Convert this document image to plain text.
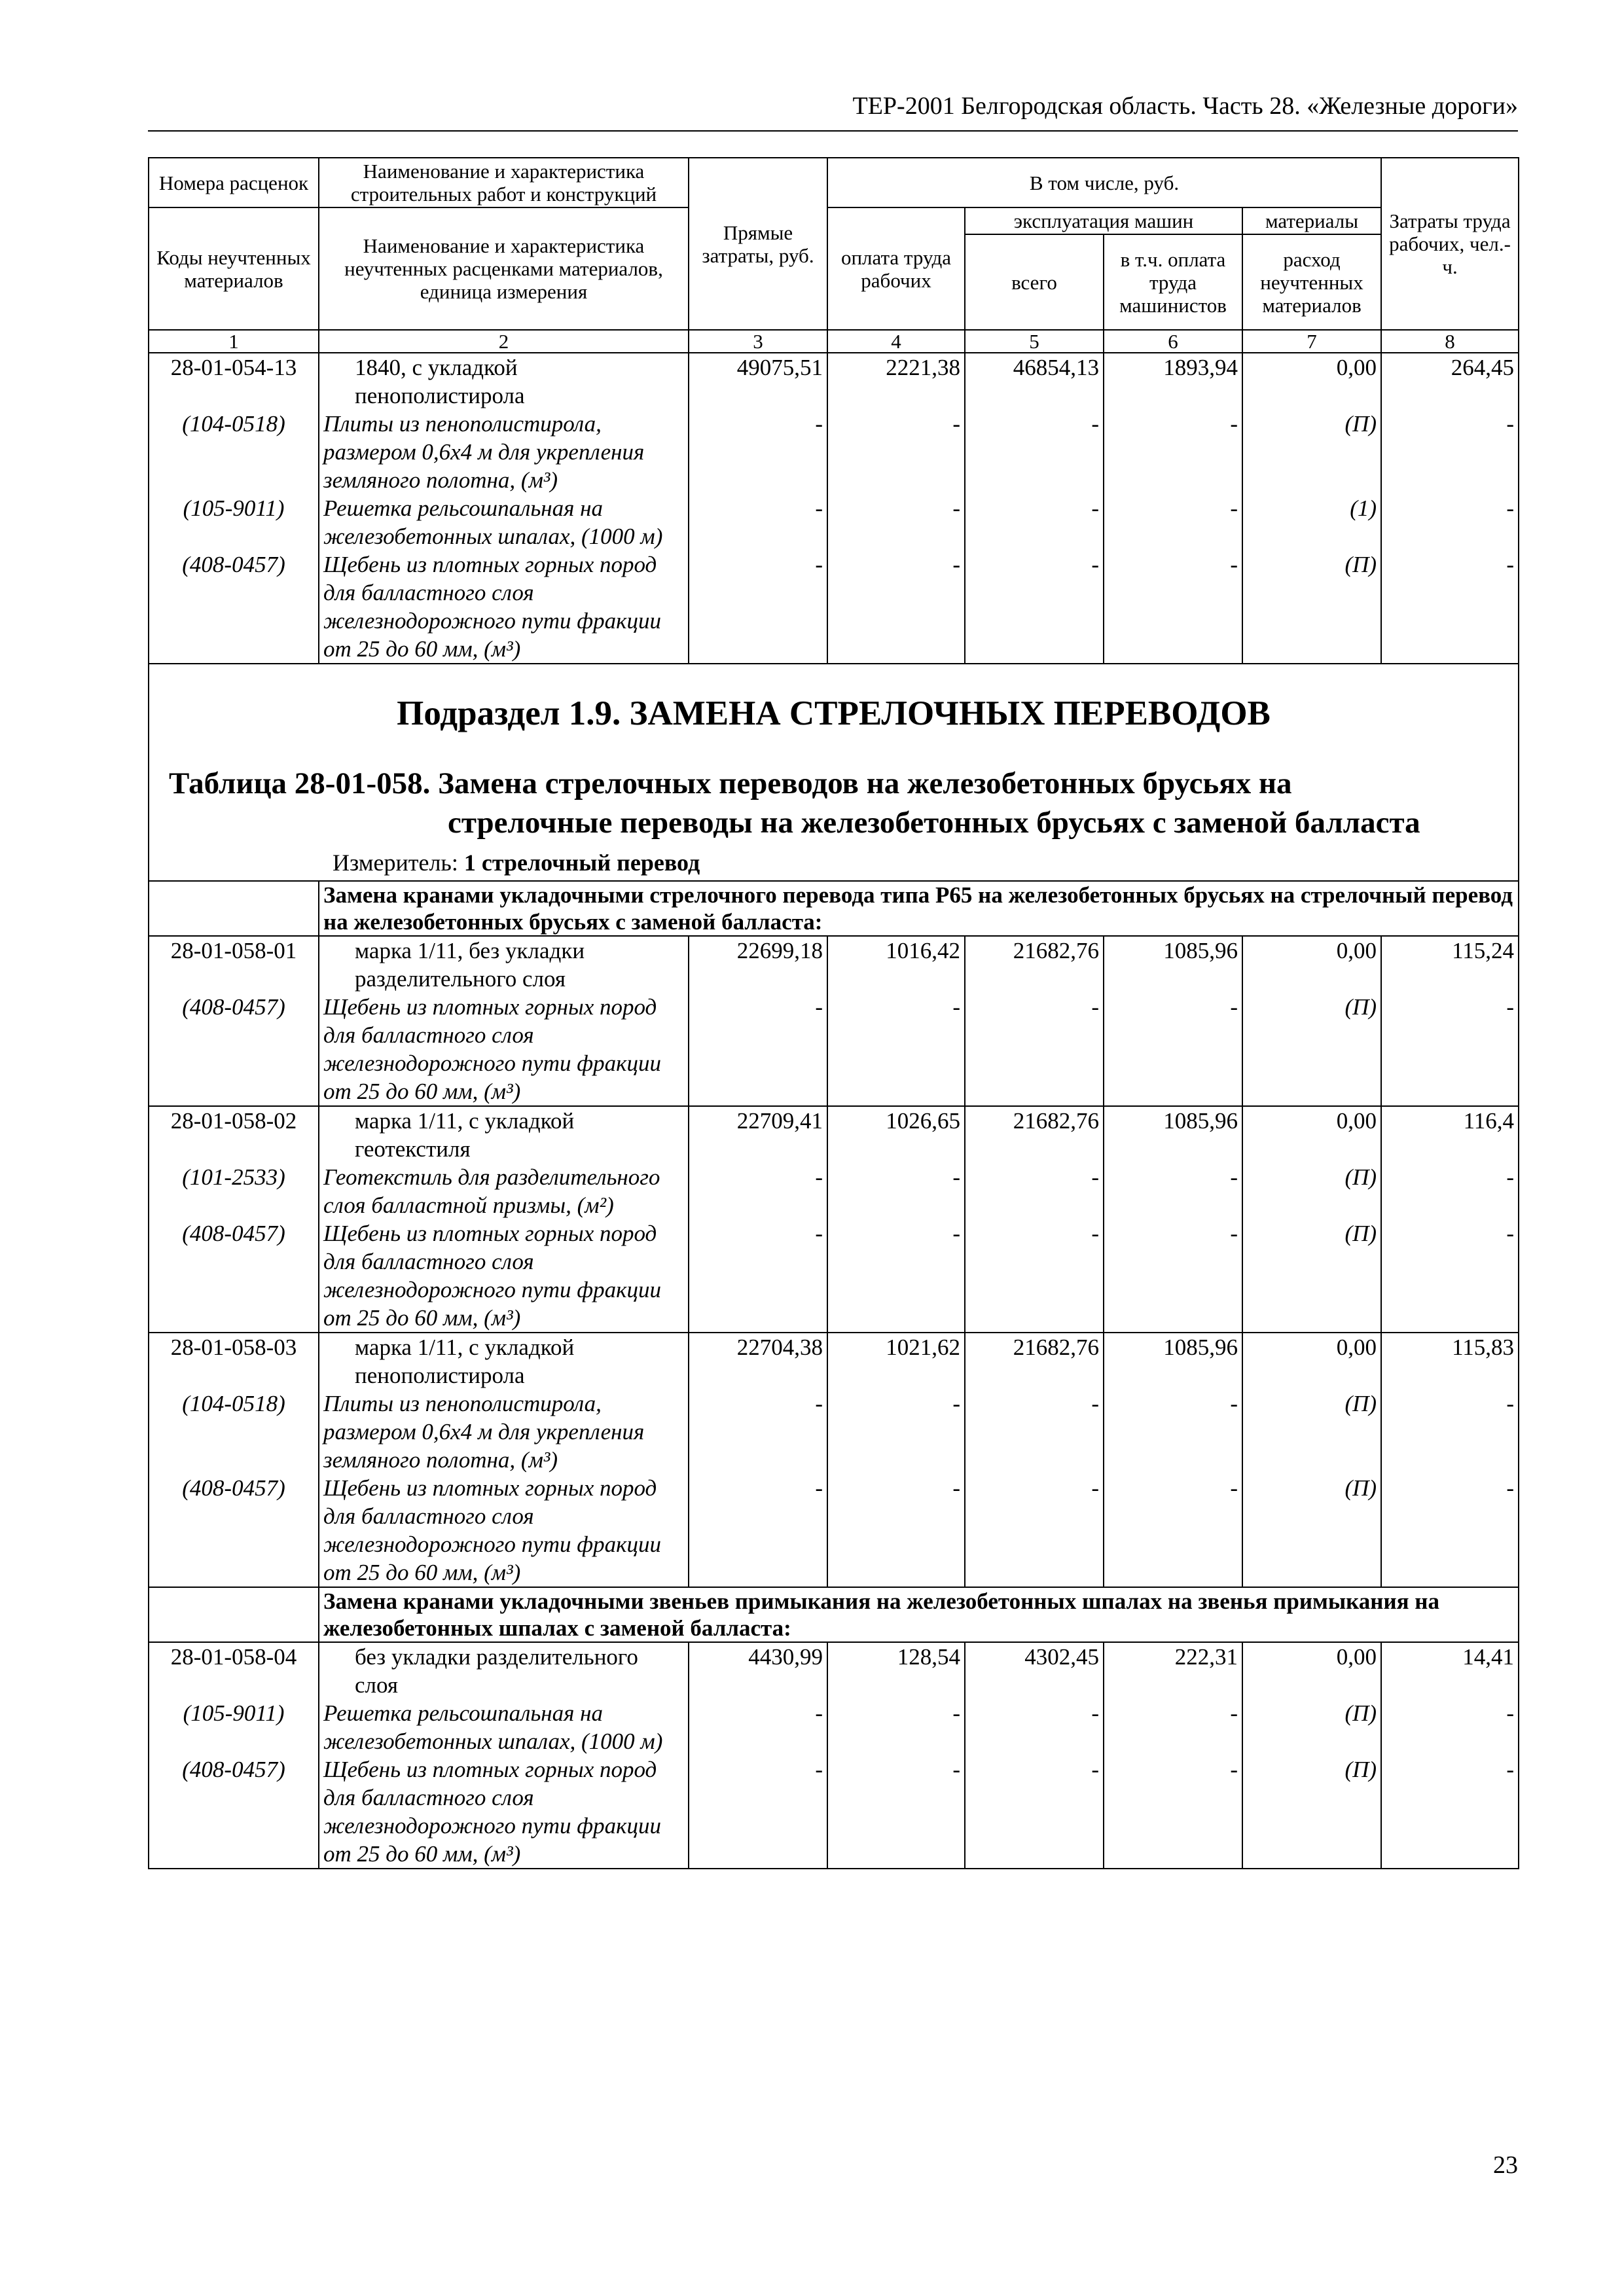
ТЕР-2001 Белгородская область. Часть 28. «Железные дороги»
Номера расценок	Наименование и характеристика строительных работ и конструкций	Прямые затраты, руб.	В том числе, руб.				Затраты труда рабочих, чел.-ч.
Коды неучтенных материалов	Наименование и характеристика неучтенных расценками материалов, единица измерения		оплата труда рабочих	эксплуатация машин		материалы	
				всего	в т.ч. оплата труда машинистов	расход неучтенных материалов	
1	2	3	4	5	6	7	8
28-01-054-13	1840, с укладкой пенополистирола	49075,51	2221,38	46854,13	1893,94	0,00	264,45
(104-0518)	Плиты из пенополистирола, размером 0,6х4 м для укрепления земляного полотна, (м³)	-	-	-	-	(П)	-
(105-9011)	Решетка рельсошпальная на железобетонных шпалах, (1000 м)	-	-	-	-	(1)	-
(408-0457)	Щебень из плотных горных пород для балластного слоя железнодорожного пути фракции от 25 до 60 мм, (м³)	-	-	-	-	(П)	-

Подраздел 1.9. ЗАМЕНА СТРЕЛОЧНЫХ ПЕРЕВОДОВ
Таблица 28-01-058. Замена стрелочных переводов на железобетонных брусьях на
стрелочные переводы на железобетонных брусьях с заменой балласта
Измеритель: 1 стрелочный перевод							

	Замена кранами укладочными стрелочного перевода типа Р65 на железобетонных брусьях на стрелочный перевод на железобетонных брусьях с заменой балласта:						
28-01-058-01	марка 1/11, без укладки разделительного слоя	22699,18	1016,42	21682,76	1085,96	0,00	115,24
(408-0457)	Щебень из плотных горных пород для балластного слоя железнодорожного пути фракции от 25 до 60 мм, (м³)	-	-	-	-	(П)	-
28-01-058-02	марка 1/11, с укладкой геотекстиля	22709,41	1026,65	21682,76	1085,96	0,00	116,4
(101-2533)	Геотекстиль для разделительного слоя балластной призмы, (м²)	-	-	-	-	(П)	-
(408-0457)	Щебень из плотных горных пород для балластного слоя железнодорожного пути фракции от 25 до 60 мм, (м³)	-	-	-	-	(П)	-
28-01-058-03	марка 1/11, с укладкой пенополистирола	22704,38	1021,62	21682,76	1085,96	0,00	115,83
(104-0518)	Плиты из пенополистирола, размером 0,6х4 м для укрепления земляного полотна, (м³)	-	-	-	-	(П)	-
(408-0457)	Щебень из плотных горных пород для балластного слоя железнодорожного пути фракции от 25 до 60 мм, (м³)	-	-	-	-	(П)	-
	Замена кранами укладочными звеньев примыкания на железобетонных шпалах на звенья примыкания на железобетонных шпалах с заменой балласта:						
28-01-058-04	без укладки разделительного слоя	4430,99	128,54	4302,45	222,31	0,00	14,41
(105-9011)	Решетка рельсошпальная на железобетонных шпалах, (1000 м)	-	-	-	-	(П)	-
(408-0457)	Щебень из плотных горных пород для балластного слоя железнодорожного пути фракции от 25 до 60 мм, (м³)	-	-	-	-	(П)	-
23
